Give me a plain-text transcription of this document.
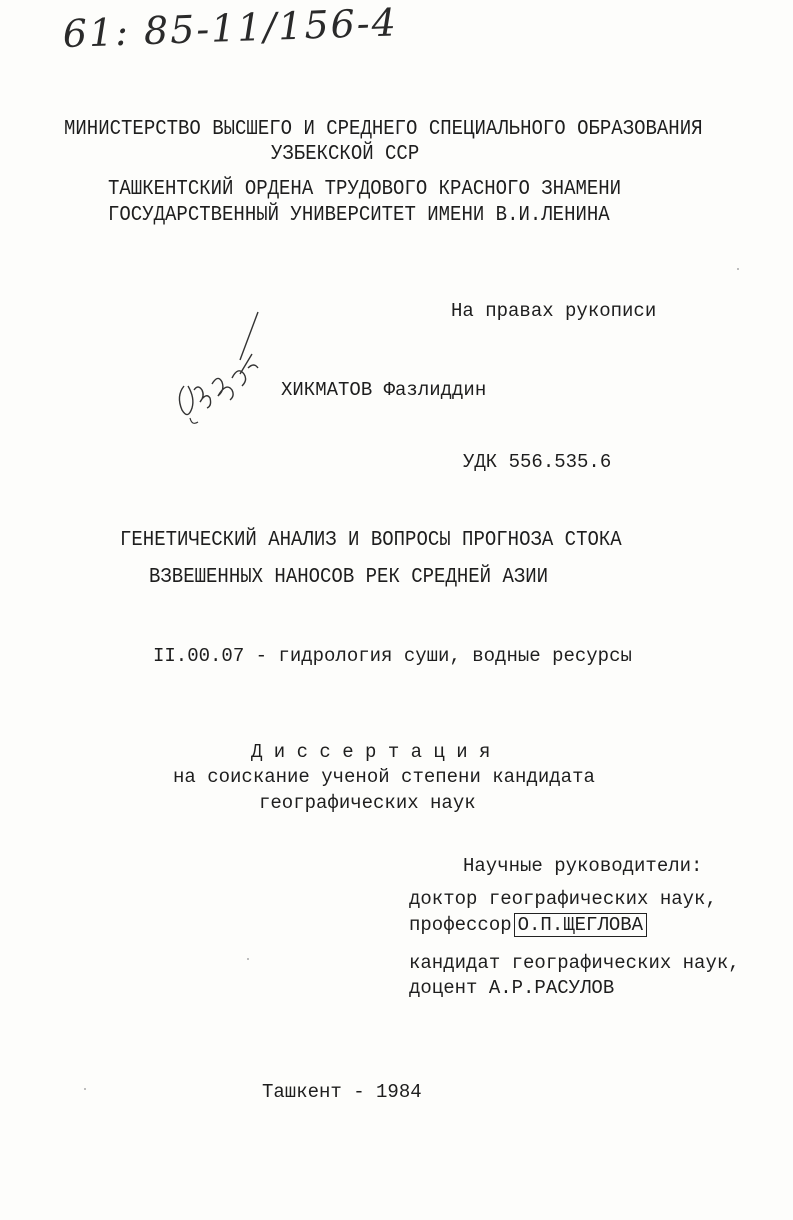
61: 85-11/156-4
МИНИСТЕРСТВО ВЫСШЕГО И СРЕДНЕГО СПЕЦИАЛЬНОГО ОБРАЗОВАНИЯ
УЗБЕКСКОЙ ССР
ТАШКЕНТСКИЙ ОРДЕНА ТРУДОВОГО КРАСНОГО ЗНАМЕНИ
ГОСУДАРСТВЕННЫЙ УНИВЕРСИТЕТ ИМЕНИ В.И.ЛЕНИНА
На правах рукописи
ХИКМАТОВ Фазлиддин
УДК 556.535.6
ГЕНЕТИЧЕСКИЙ АНАЛИЗ И ВОПРОСЫ ПРОГНОЗА СТОКА
ВЗВЕШЕННЫХ НАНОСОВ РЕК СРЕДНЕЙ АЗИИ
II.00.07 - гидрология суши, водные ресурсы
Д и с с е р т а ц и я
на соискание ученой степени кандидата
географических наук
Научные руководители:
доктор географических наук,
профессор О.П.ЩЕГЛОВА
кандидат географических наук,
доцент А.Р.РАСУЛОВ
Ташкент - 1984
